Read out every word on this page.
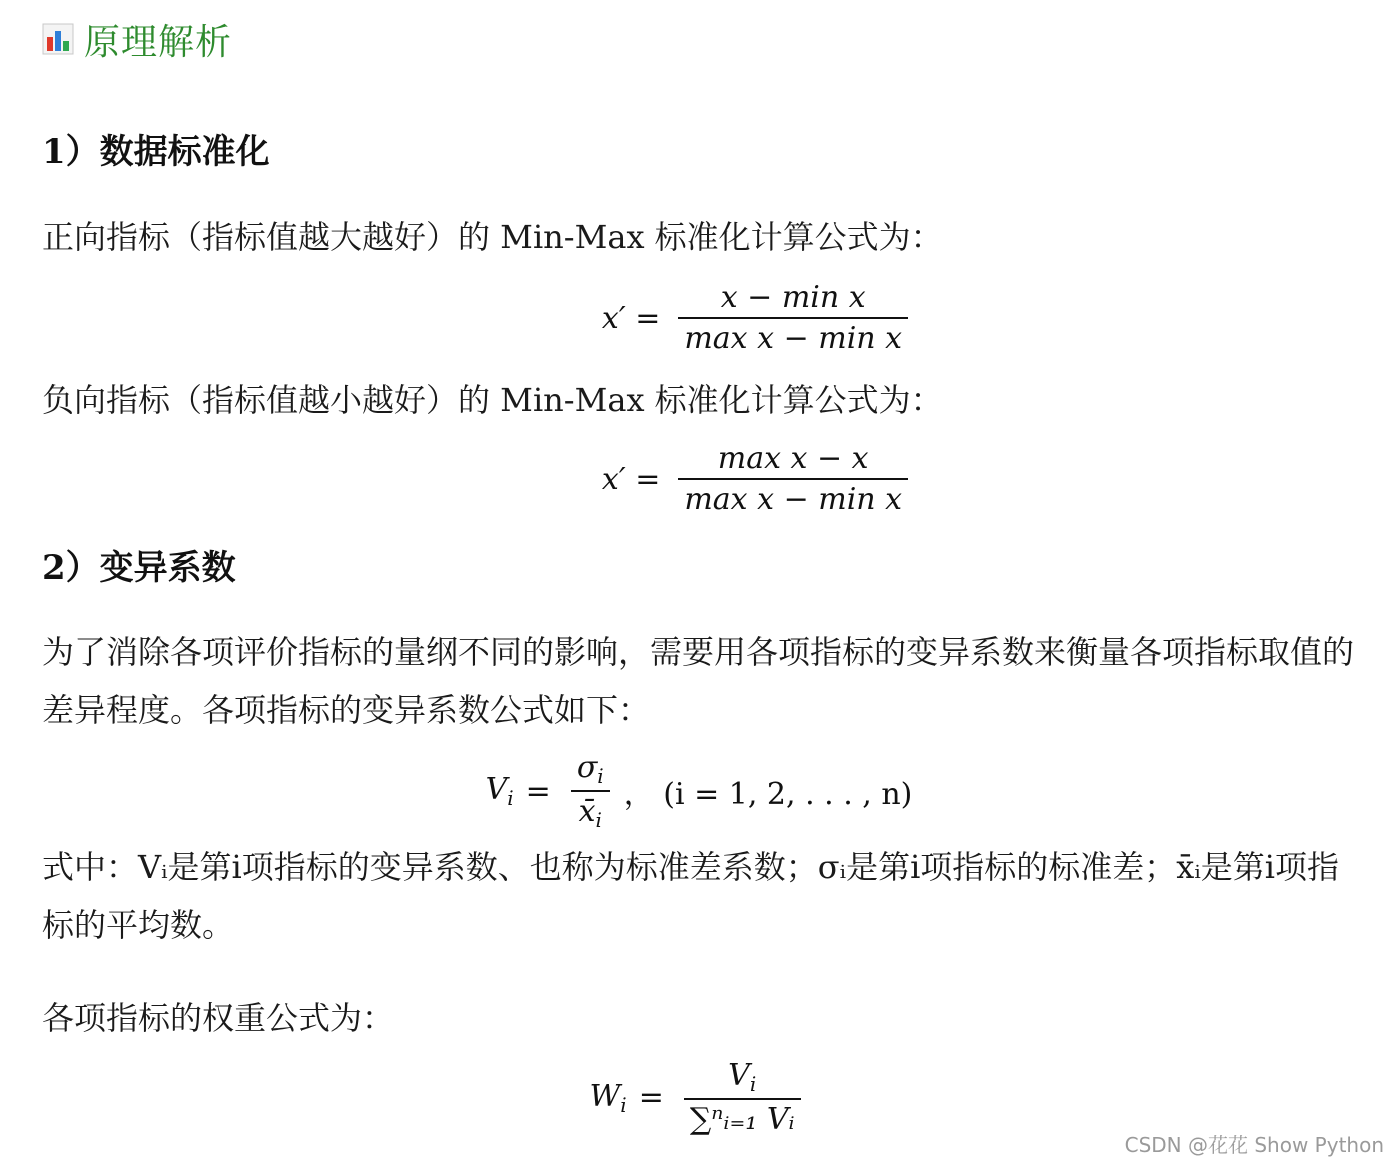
原理解析
1）数据标准化
正向指标（指标值越大越好）的 Min-Max 标准化计算公式为：
$x' = \frac{\text{x − min x}}{\text{max x − min x}}$
负向指标（指标值越小越好）的 Min-Max 标准化计算公式为：
$x' = \frac{\text{max x − x}}{\text{max x − min x}}$
2）变异系数
为了消除各项评价指标的量纲不同的影响，需要用各项指标的变异系数来衡量各项指标取值的
差异程度。各项指标的变异系数公式如下：
$V_i = \frac{\sigma_i}{x̄_i}$ ， (i = 1, 2, . . . , n)
式中：Vᵢ是第i项指标的变异系数、也称为标准差系数；σᵢ是第i项指标的标准差；x̄ᵢ是第i项指
标的平均数。
各项指标的权重公式为：
$W_i = \frac{V_i}{\text{∑ⁿᵢ₌₁ Vᵢ}}$
CSDN @花花 Show Python
